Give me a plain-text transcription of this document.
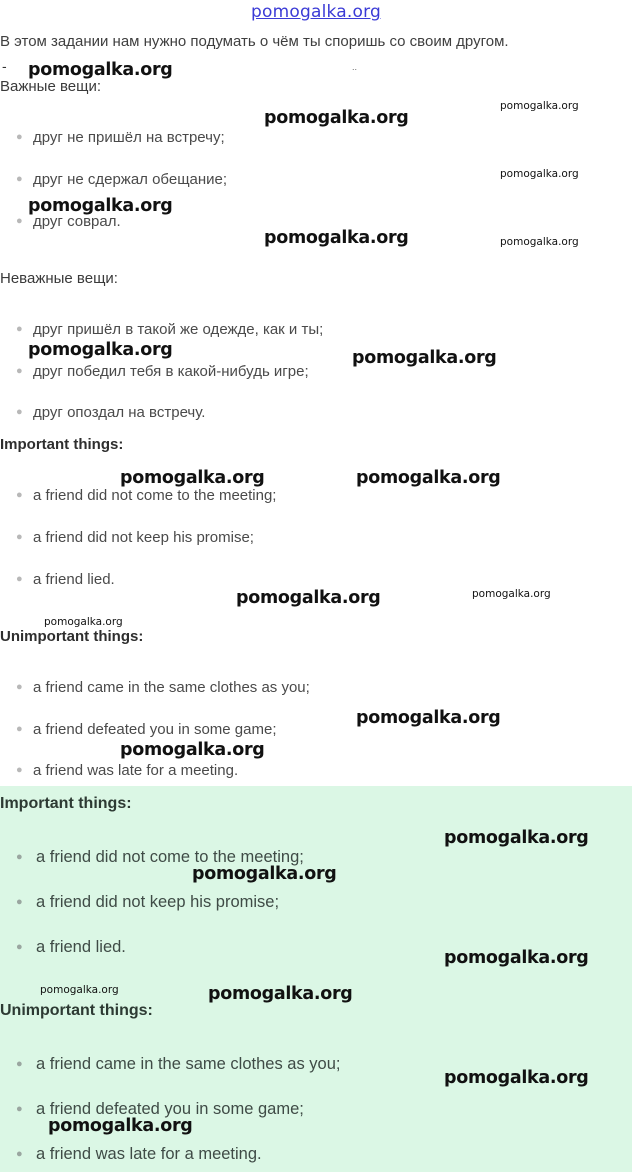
pomogalka.org
В этом задании нам нужно подумать о чём ты споришь со своим другом.
-	..
Важные вещи:
● друг не пришёл на встречу;
● друг не сдержал обещание;
● друг соврал.
Неважные вещи:
● друг пришёл в такой же одежде, как и ты;
● друг победил тебя в какой-нибудь игре;
● друг опоздал на встречу.
Important things:
● a friend did not come to the meeting;
● a friend did not keep his promise;
● a friend lied.
Unimportant things:
● a friend came in the same clothes as you;
● a friend defeated you in some game;
● a friend was late for a meeting.
Important things:
● a friend did not come to the meeting;
● a friend did not keep his promise;
● a friend lied.
Unimportant things:
● a friend came in the same clothes as you;
● a friend defeated you in some game;
● a friend was late for a meeting.
pomogalka.org
pomogalka.org
pomogalka.org
pomogalka.org
pomogalka.org	pomogalka.org
pomogalka.org	pomogalka.org
pomogalka.org
pomogalka.org
pomogalka.org
pomogalka.org
pomogalka.org
pomogalka.org
pomogalka.org
pomogalka.org
pomogalka.org
pomogalka.org
pomogalka.org
pomogalka.org
pomogalka.org
pomogalka.org
pomogalka.org
